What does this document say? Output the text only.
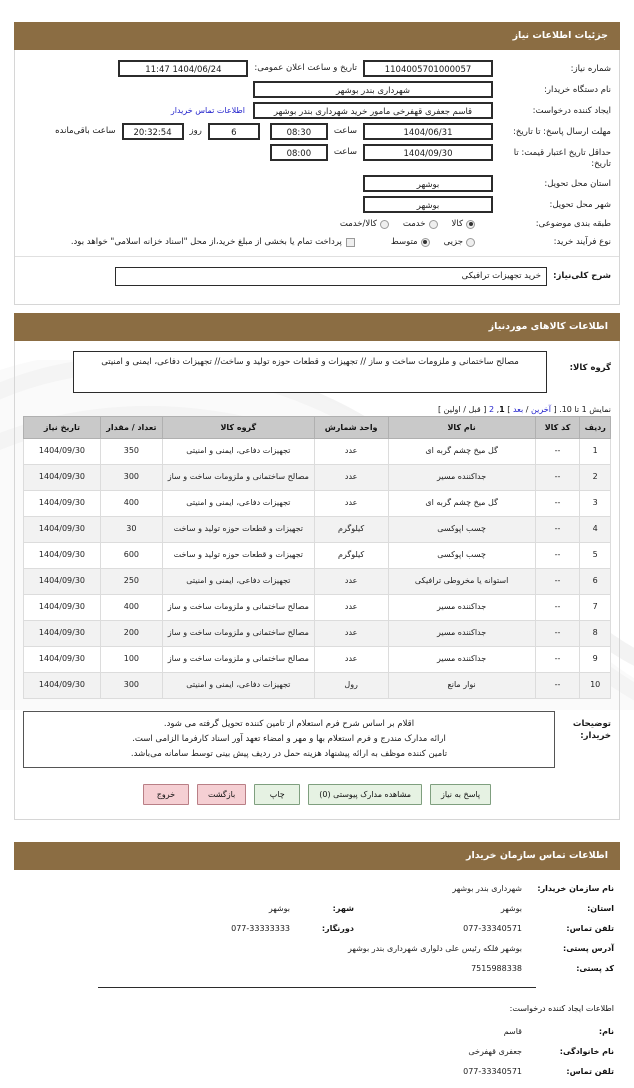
جزئیات اطلاعات نیاز
شماره نیاز:
1104005701000057
تاریخ و ساعت اعلان عمومی:
1404/06/24 11:47
نام دستگاه خریدار:
شهرداری بندر بوشهر
ایجاد کننده درخواست:
قاسم جعفری قهفرخی مامور خرید شهرداری بندر بوشهر
اطلاعات تماس خریدار
مهلت ارسال پاسخ: تا تاریخ:
1404/06/31
ساعت
08:30
6
روز
20:32:54
ساعت باقی‌مانده
حداقل تاریخ اعتبار قیمت: تا تاریخ:
1404/09/30
ساعت
08:00
استان محل تحویل:
بوشهر
شهر محل تحویل:
بوشهر
طبقه بندی موضوعی:
کالا
خدمت
کالا/خدمت
نوع فرآیند خرید:
جزیی
متوسط
پرداخت تمام یا بخشی از مبلغ خرید،از محل "اسناد خزانه اسلامی" خواهد بود.
شرح کلی‌نیاز:
خرید تجهیزات ترافیکی
اطلاعات کالاهای موردنیاز
گروه کالا:
مصالح ساختمانی و ملزومات ساخت و ساز // تجهیزات و قطعات حوزه تولید و ساخت// تجهیزات دفاعی، ایمنی و امنیتی
نمایش 1 تا 10. [ آخرین / بعد ] 1, 2 [ قبل / اولین ]
ردیف	کد کالا	نام کالا	واحد شمارش	گروه کالا	تعداد / مقدار	تاریخ نیاز
1	--	گل میخ چشم گربه ای	عدد	تجهیزات دفاعی، ایمنی و امنیتی	350	1404/09/30
2	--	جداکننده مسیر	عدد	مصالح ساختمانی و ملزومات ساخت و ساز	300	1404/09/30
3	--	گل میخ چشم گربه ای	عدد	تجهیزات دفاعی، ایمنی و امنیتی	400	1404/09/30
4	--	چسب اپوکسی	کیلوگرم	تجهیزات و قطعات حوزه تولید و ساخت	30	1404/09/30
5	--	چسب اپوکسی	کیلوگرم	تجهیزات و قطعات حوزه تولید و ساخت	600	1404/09/30
6	--	استوانه یا مخروطی ترافیکی	عدد	تجهیزات دفاعی، ایمنی و امنیتی	250	1404/09/30
7	--	جداکننده مسیر	عدد	مصالح ساختمانی و ملزومات ساخت و ساز	400	1404/09/30
8	--	جداکننده مسیر	عدد	مصالح ساختمانی و ملزومات ساخت و ساز	200	1404/09/30
9	--	جداکننده مسیر	عدد	مصالح ساختمانی و ملزومات ساخت و ساز	100	1404/09/30
10	--	نوار مانع	رول	تجهیزات دفاعی، ایمنی و امنیتی	300	1404/09/30
توضیحات خریدار:
اقلام بر اساس شرح فرم استعلام از تامین کننده تحویل گرفته می شود.
ارائه مدارک مندرج و فرم استعلام بها و مهر و امضاء تعهد آور اسناد کارفرما الزامی است.
تامین کننده موظف به ارائه پیشنهاد هزینه حمل در ردیف پیش بینی توسط سامانه می‌باشد.
پاسخ به نیاز
مشاهده مدارک پیوستی (0)
چاپ
بازگشت
خروج
اطلاعات تماس سازمان خریدار
نام سازمان خریدار:
شهرداری بندر بوشهر
استان:
بوشهر
شهر:
بوشهر
تلفن تماس:
077-33340571
دورنگار:
077-33333333
آدرس پستی:
بوشهر فلکه رئیس علی دلواری شهرداری بندر بوشهر
کد پستی:
7515988338
اطلاعات ایجاد کننده درخواست:
نام:
قاسم
نام خانوادگی:
جعفری قهفرخی
تلفن تماس:
077-33340571
